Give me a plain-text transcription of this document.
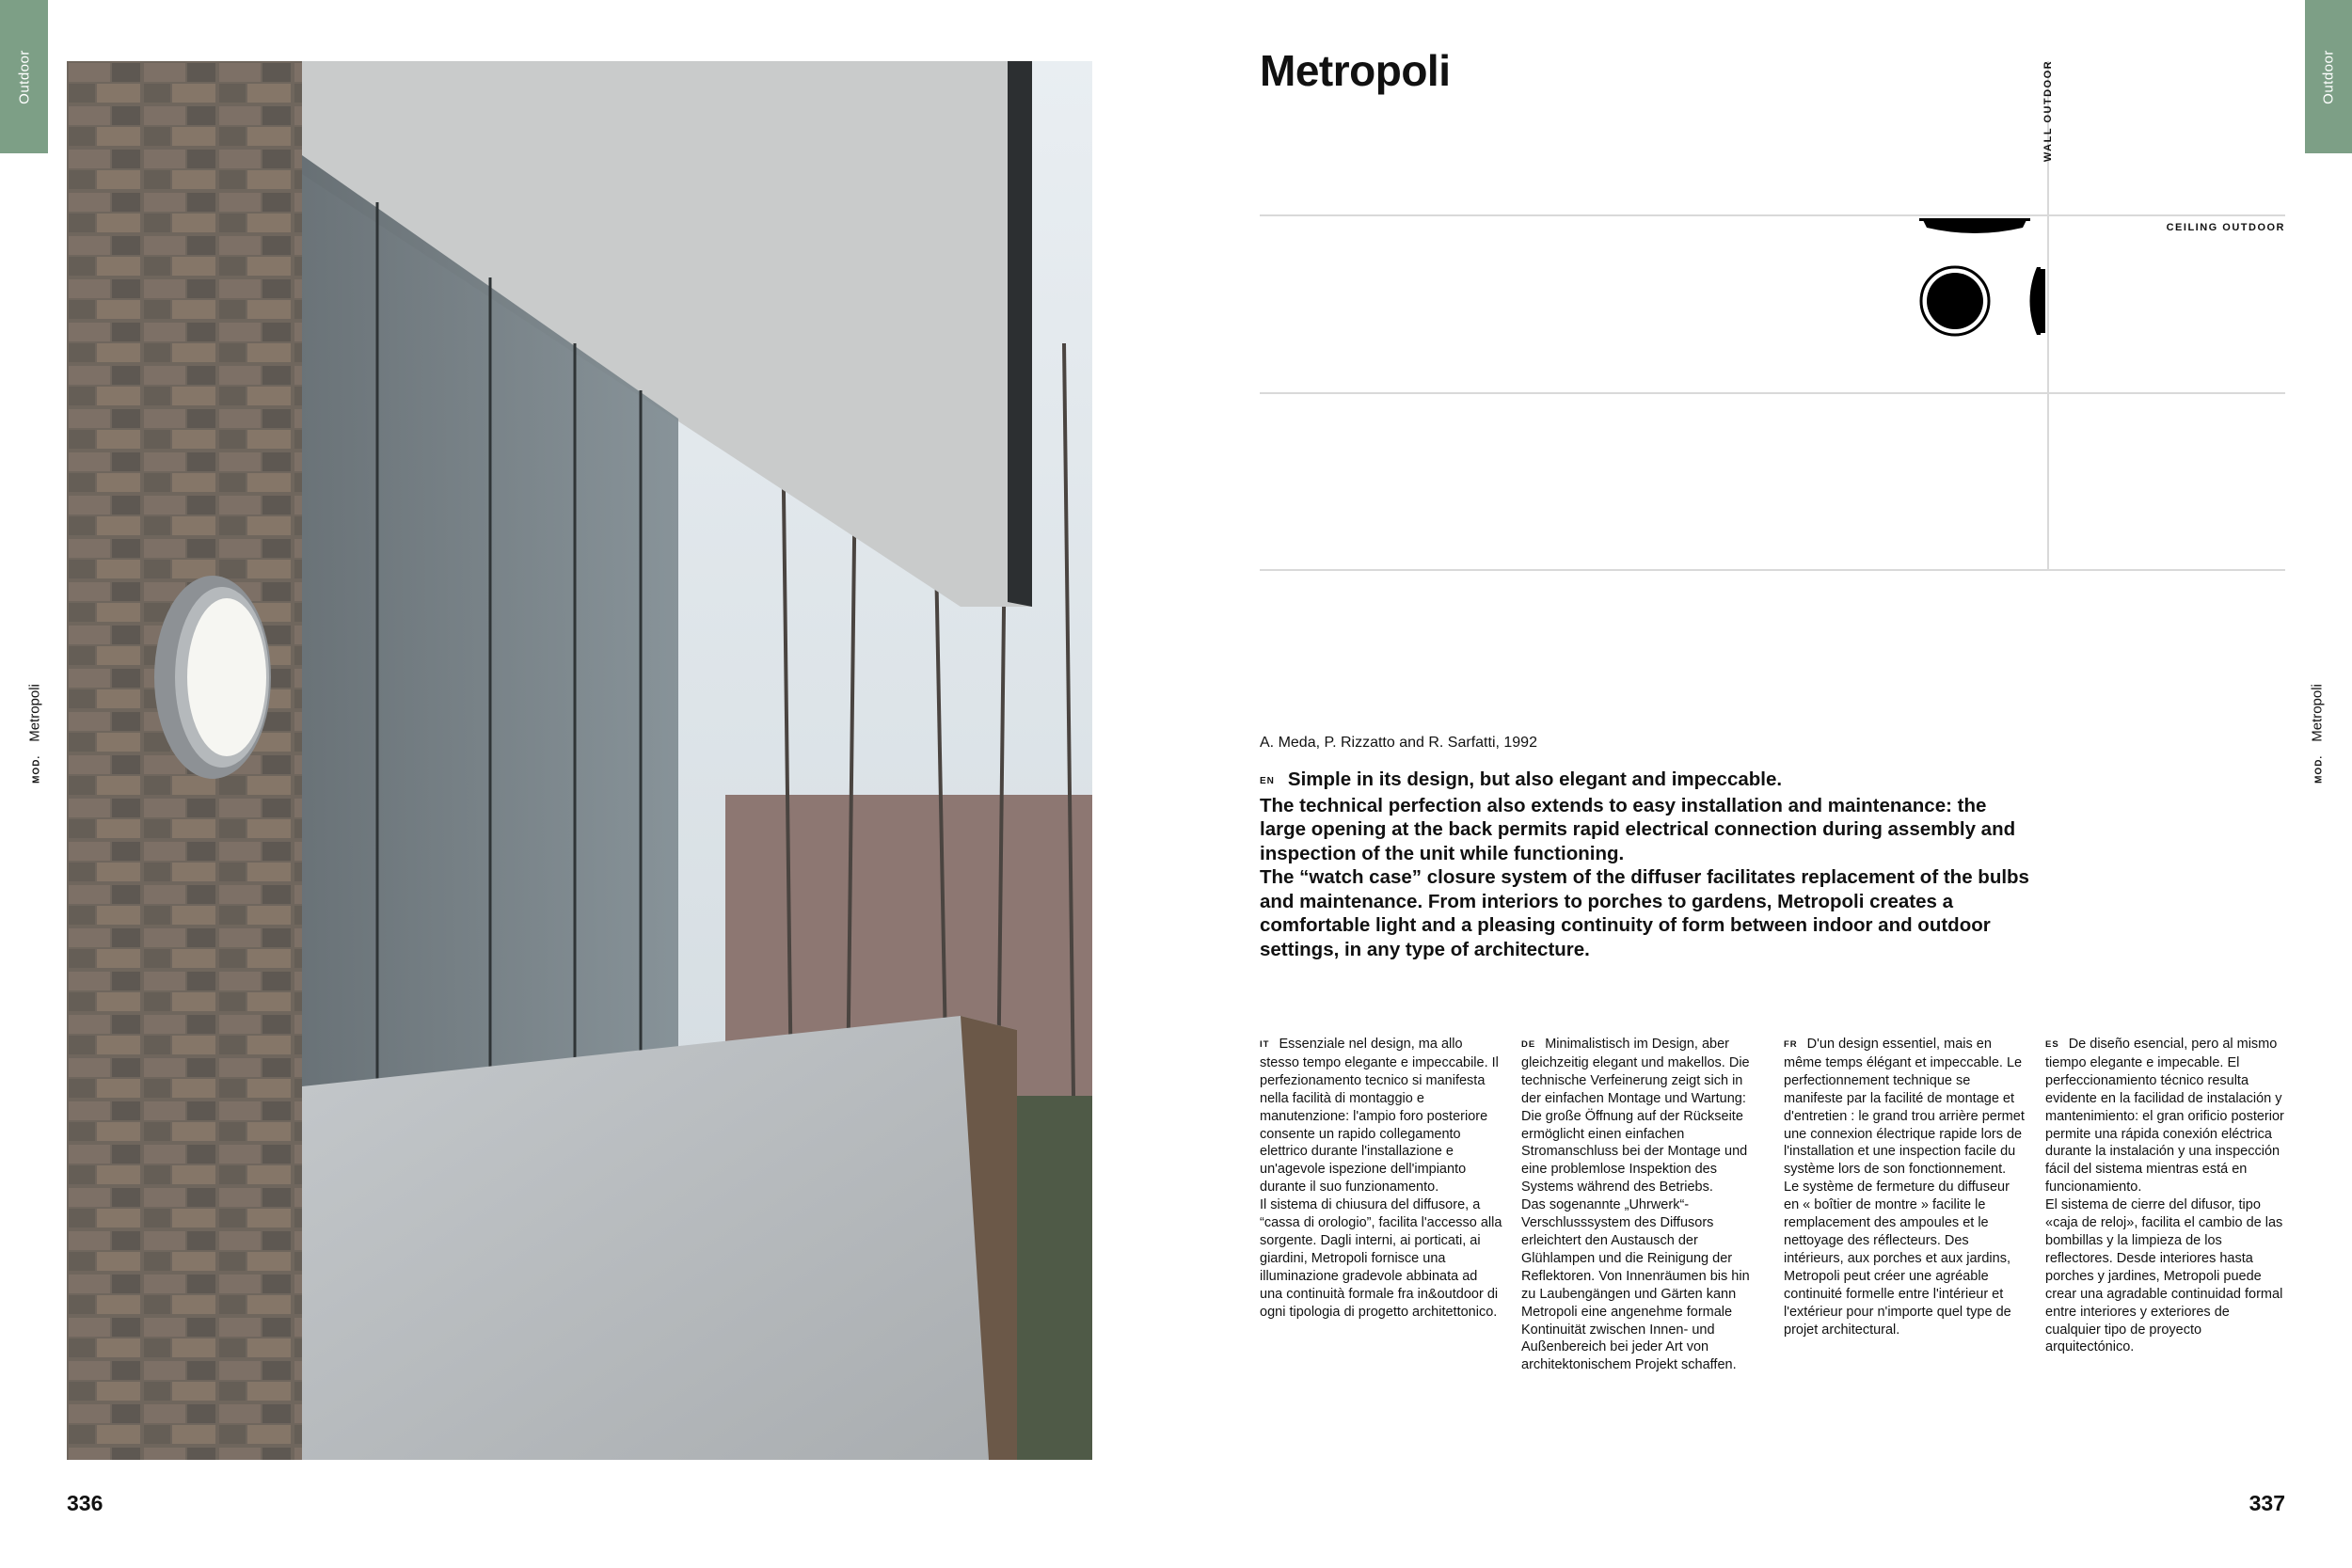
Outdoor
MOD.Metropoli
336
Outdoor
MOD.Metropoli
Metropoli	WALL OUTDOOR
CEILING OUTDOOR
A. Meda, P. Rizzatto and R. Sarfatti, 1992

EN Simple in its design, but also elegant and impeccable.

The technical perfection also extends to easy installation and maintenance: the large opening at the back permits rapid electrical connection during assembly and inspection of the unit while functioning.

The “watch case” closure system of the diffuser facilitates replacement of the bulbs and maintenance. From interiors to porches to gardens, Metropoli creates a comfortable light and a pleasing continuity of form between indoor and outdoor settings, in any type of architecture.

IT Essenziale nel design, ma allo stesso tempo elegante e impeccabile. Il perfezionamento tecnico si manifesta nella facilità di montaggio e manutenzione: l'ampio foro posteriore consente un rapido collegamento elettrico durante l'installazione e un'agevole ispezione dell'impianto durante il suo funzionamento.

Il sistema di chiusura del diffusore, a “cassa di orologio”, facilita l'accesso alla sorgente. Dagli interni, ai porticati, ai giardini, Metropoli fornisce una illuminazione gradevole abbinata ad una continuità formale fra in&outdoor di ogni tipologia di progetto architettonico.

DE Minimalistisch im Design, aber gleichzeitig elegant und makellos. Die technische Verfeinerung zeigt sich in der einfachen Montage und Wartung: Die große Öffnung auf der Rückseite ermöglicht einen einfachen Stromanschluss bei der Montage und eine problemlose Inspektion des Systems während des Betriebs.

Das sogenannte „Uhrwerk“-Verschlusssystem des Diffusors erleichtert den Austausch der Glühlampen und die Reinigung der Reflektoren. Von Innenräumen bis hin zu Laubengängen und Gärten kann Metropoli eine angenehme formale Kontinuität zwischen Innen- und Außenbereich bei jeder Art von architektonischem Projekt schaffen.

FR D'un design essentiel, mais en même temps élégant et impeccable. Le perfectionnement technique se manifeste par la facilité de montage et d'entretien : le grand trou arrière permet une connexion électrique rapide lors de l'installation et une inspection facile du système lors de son fonctionnement.

Le système de fermeture du diffuseur en « boîtier de montre » facilite le remplacement des ampoules et le nettoyage des réflecteurs. Des intérieurs, aux porches et aux jardins, Metropoli peut créer une agréable continuité formelle entre l'intérieur et l'extérieur pour n'importe quel type de projet architectural.

ES De diseño esencial, pero al mismo tiempo elegante e impecable. El perfeccionamiento técnico resulta evidente en la facilidad de instalación y mantenimiento: el gran orificio posterior permite una rápida conexión eléctrica durante la instalación y una inspección fácil del sistema mientras está en funcionamiento.

El sistema de cierre del difusor, tipo «caja de reloj», facilita el cambio de las bombillas y la limpieza de los reflectores. Desde interiores hasta porches y jardines, Metropoli puede crear una agradable continuidad formal entre interiores y exteriores de cualquier tipo de proyecto arquitectónico.

337
